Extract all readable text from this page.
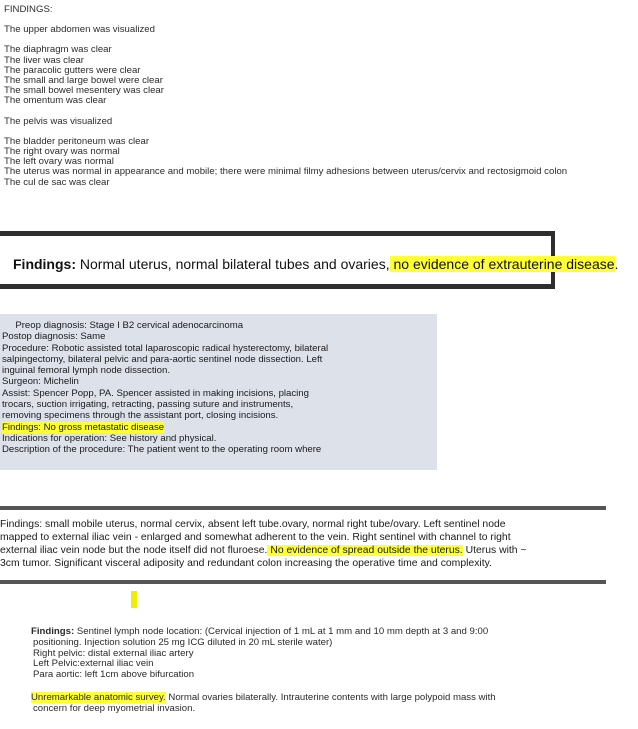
FINDINGS:
The upper abdomen was visualized
The diaphragm was clear
The liver was clear
The paracolic gutters were clear
The small and large bowel were clear
The small bowel mesentery was clear
The omentum was clear
The pelvis was visualized
The bladder peritoneum was clear
The right ovary was normal
The left ovary was normal
The uterus was normal in appearance and mobile; there were minimal filmy adhesions between uterus/cervix and rectosigmoid colon
The cul de sac was clear
Findings: Normal uterus, normal bilateral tubes and ovaries, no evidence of extrauterine disease.
Preop diagnosis: Stage I B2 cervical adenocarcinoma
Postop diagnosis: Same
Procedure: Robotic assisted total laparoscopic radical hysterectomy, bilateral
salpingectomy, bilateral pelvic and para-aortic sentinel node dissection. Left
inguinal femoral lymph node dissection.
Surgeon: Michelin
Assist: Spencer Popp, PA. Spencer assisted in making incisions, placing
trocars, suction irrigating, retracting, passing suture and instruments,
removing specimens through the assistant port, closing incisions.
Findings: No gross metastatic disease
Indications for operation: See history and physical.
Description of the procedure: The patient went to the operating room where
Findings: small mobile uterus, normal cervix, absent left tube.ovary, normal right tube/ovary. Left sentinel node
mapped to external iliac vein - enlarged and somewhat adherent to the vein. Right sentinel with channel to right
external iliac vein node but the node itself did not fluroese. No evidence of spread outside the uterus. Uterus with ~
3cm tumor. Significant visceral adiposity and redundant colon increasing the operative time and complexity.
Findings: Sentinel lymph node location: (Cervical injection of 1 mL at 1 mm and 10 mm depth at 3 and 9:00
positioning. Injection solution 25 mg ICG diluted in 20 mL sterile water)
Right pelvic: distal external iliac artery
Left Pelvic:external iliac vein
Para aortic: left 1cm above bifurcation
Unremarkable anatomic survey. Normal ovaries bilaterally. Intrauterine contents with large polypoid mass with
concern for deep myometrial invasion.
